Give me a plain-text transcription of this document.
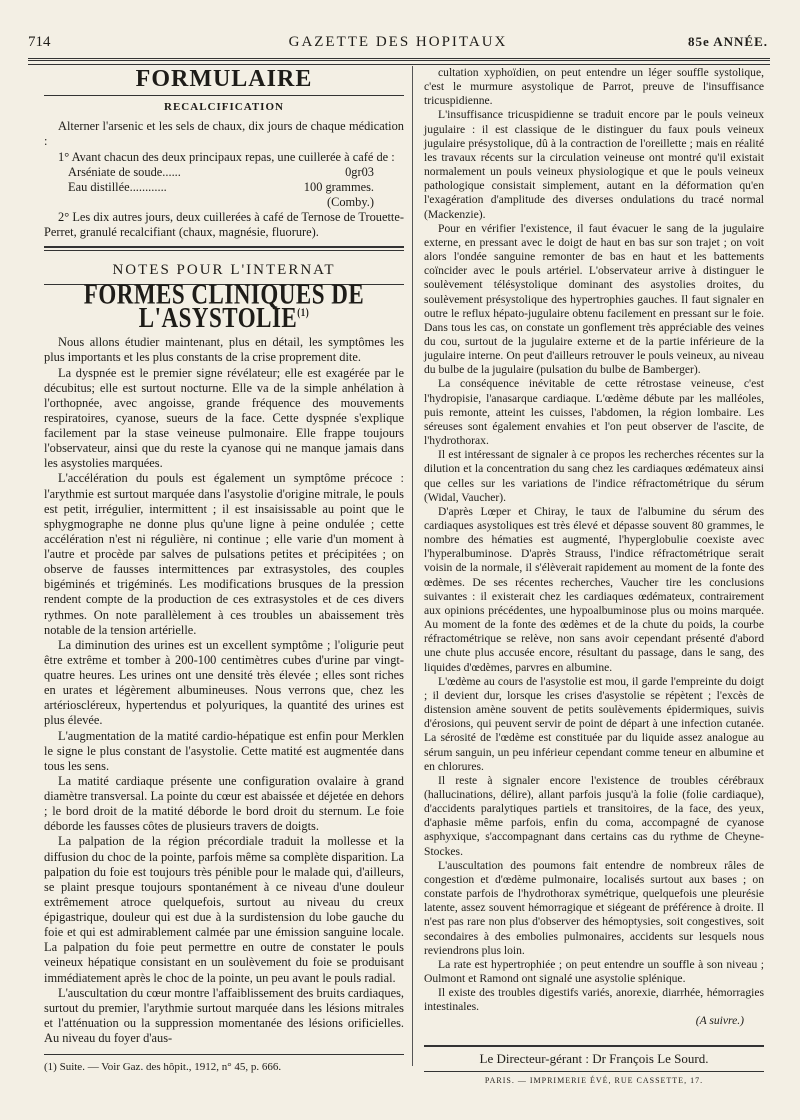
714	GAZETTE DES HOPITAUX	85e ANNÉE.
FORMULAIRE
RECALCIFICATION

Alterner l'arsenic et les sels de chaux, dix jours de chaque médication :

1° Avant chacun des deux principaux repas, une cuillerée à café de :

Arséniate de soude......	0gr03
Eau distillée............	100 grammes.
(Comby.)

2° Les dix autres jours, deux cuillerées à café de Ternose de Trouette-Perret, granulé recalcifiant (chaux, magnésie, fluorure).

NOTES POUR L'INTERNAT
FORMES CLINIQUES DE L'ASYSTOLIE$^{(1)}$

Nous allons étudier maintenant, plus en détail, les symptômes les plus importants et les plus constants de la crise proprement dite.

La dyspnée est le premier signe révélateur; elle est exagérée par le décubitus; elle est surtout nocturne. Elle va de la simple anhélation à l'orthopnée, avec angoisse, grande fréquence des mouvements respiratoires, cyanose, sueurs de la face. Cette dyspnée s'explique facilement par la stase veineuse pulmonaire. Elle frappe toujours l'observateur, ainsi que du reste la cyanose qui ne manque jamais dans les asystolies marquées.

L'accélération du pouls est également un symptôme précoce : l'arythmie est surtout marquée dans l'asystolie d'origine mitrale, le pouls est petit, irrégulier, intermittent ; il est insaisissable au point que le sphygmographe ne donne plus qu'une ligne à peine ondulée ; cette accélération n'est ni régulière, ni continue ; elle varie d'un moment à l'autre et procède par salves de pulsations petites et précipitées ; on observe de fausses intermittences par extrasystoles, des couples bigéminés et trigéminés. Les modifications brusques de la pression rendent compte de la production de ces extrasystoles et de ces divers rythmes. On note parallèlement à ces troubles un abaissement très notable de la tension artérielle.

La diminution des urines est un excellent symptôme ; l'oligurie peut être extrême et tomber à 200-100 centimètres cubes d'urine par vingt-quatre heures. Les urines ont une densité très élevée ; elles sont riches en urates et légèrement albumineuses. Nous verrons que, chez les artérioscléreux, hypertendus et polyuriques, la quantité des urines est plus élevée.

L'augmentation de la matité cardio-hépatique est enfin pour Merklen le signe le plus constant de l'asystolie. Cette matité est augmentée dans tous les sens.

La matité cardiaque présente une configuration ovalaire à grand diamètre transversal. La pointe du cœur est abaissée et déjetée en dehors ; le bord droit de la matité déborde le bord droit du sternum. Le foie déborde les fausses côtes de plusieurs travers de doigts.

La palpation de la région précordiale traduit la mollesse et la diffusion du choc de la pointe, parfois même sa complète disparition. La palpation du foie est toujours très pénible pour le malade qui, d'ailleurs, se plaint presque toujours spontanément à ce niveau d'une douleur extrêmement atroce quelquefois, surtout au niveau du creux épigastrique, douleur qui est due à la surdistension du lobe gauche du foie et qui est admirablement calmée par une émission sanguine locale. La palpation du foie peut permettre en outre de constater le pouls veineux hépatique consistant en un soulèvement du foie se produisant immédiatement après le choc de la pointe, un peu avant le pouls radial.

L'auscultation du cœur montre l'affaiblissement des bruits cardiaques, surtout du premier, l'arythmie surtout marquée dans les lésions mitrales et l'atténuation ou la suppression momentanée des lésions orificielles. Au niveau du foyer d'aus-

cultation xyphoïdien, on peut entendre un léger souffle systolique, c'est le murmure asystolique de Parrot, preuve de l'insuffisance tricuspidienne.

L'insuffisance tricuspidienne se traduit encore par le pouls veineux jugulaire : il est classique de le distinguer du faux pouls veineux jugulaire présystolique, dû à la contraction de l'oreillette ; mais en réalité les travaux récents sur la circulation veineuse ont montré qu'il existait normalement un pouls veineux physiologique et que le pouls veineux pathologique consistait simplement, autant en la déformation qu'en l'exagération d'amplitude des diverses ondulations du tracé normal (Mackenzie).

Pour en vérifier l'existence, il faut évacuer le sang de la jugulaire externe, en pressant avec le doigt de haut en bas sur son trajet ; on voit alors l'ondée sanguine remonter de bas en haut et les battements coïncider avec le pouls artériel. L'observateur arrive à distinguer le soulèvement télésystolique dominant des asystolies droites, du soulèvement présystolique des hypertrophies gauches. Il faut signaler en outre le reflux hépato-jugulaire obtenu facilement en pressant sur le foie. Dans tous les cas, on constate un gonflement très appréciable des veines du cou, surtout de la jugulaire externe et de la partie inférieure de la jugulaire interne. On peut d'ailleurs retrouver le pouls veineux, au niveau du bulbe de la jugulaire (pulsation du bulbe de Bamberger).

La conséquence inévitable de cette rétrostase veineuse, c'est l'hydropisie, l'anasarque cardiaque. L'œdème débute par les malléoles, puis remonte, atteint les cuisses, l'abdomen, la région lombaire. Les séreuses sont également envahies et l'on peut observer de l'ascite, de l'hydrothorax.

Il est intéressant de signaler à ce propos les recherches récentes sur la dilution et la concentration du sang chez les cardiaques œdémateux ainsi que celles sur les variations de l'indice réfractométrique du sérum (Widal, Vaucher).

D'après Lœper et Chiray, le taux de l'albumine du sérum des cardiaques asystoliques est très élevé et dépasse souvent 80 grammes, le nombre des hématies est augmenté, l'hyperglobulie coexiste avec l'hyperalbuminose. D'après Strauss, l'indice réfractométrique serait voisin de la normale, il s'élèverait rapidement au moment de la fonte des œdèmes. De ses récentes recherches, Vaucher tire les conclusions suivantes : il existerait chez les cardiaques œdémateux, contrairement aux opinions précédentes, une hypoalbuminose plus ou moins marquée. Au moment de la fonte des œdèmes et de la chute du poids, la courbe réfractométrique se relève, non sans avoir cependant présenté d'abord une chute plus accusée encore, résultant du passage, dans le sang, des liquides d'œdèmes, parvres en albumine.

L'œdème au cours de l'asystolie est mou, il garde l'empreinte du doigt ; il devient dur, lorsque les crises d'asystolie se répètent ; l'excès de distension amène souvent de petits soulèvements épidermiques, suivis d'érosions, qui peuvent servir de point de départ à une infection cutanée. La sérosité de l'œdème est constituée par du liquide assez analogue au sérum sanguin, un peu inférieur cependant comme teneur en albumine et en chlorures.

Il reste à signaler encore l'existence de troubles cérébraux (hallucinations, délire), allant parfois jusqu'à la folie (folie cardiaque), d'accidents paralytiques partiels et transitoires, de la face, des yeux, d'aphasie même parfois, enfin du coma, accompagné de cyanose asphyxique, s'accompagnant dans certains cas du rythme de Cheyne-Stockes.

L'auscultation des poumons fait entendre de nombreux râles de congestion et d'œdème pulmonaire, localisés surtout aux bases ; on constate parfois de l'hydrothorax symétrique, quelquefois une pleurésie latente, assez souvent hémorragique et siégeant de préférence à droite. Il n'est pas rare non plus d'observer des hémoptysies, soit congestives, soit secondaires à des embolies pulmonaires, accidents sur lesquels nous reviendrons plus loin.

La rate est hypertrophiée ; on peut entendre un souffle à son niveau ; Oulmont et Ramond ont signalé une asystolie splénique.

Il existe des troubles digestifs variés, anorexie, diarrhée, hémorragies intestinales.

(A suivre.)
(1) Suite. — Voir Gaz. des hôpit., 1912, n° 45, p. 666.
Le Directeur-gérant : Dr François Le Sourd.
PARIS. — IMPRIMERIE ÉVÉ, RUE CASSETTE, 17.
